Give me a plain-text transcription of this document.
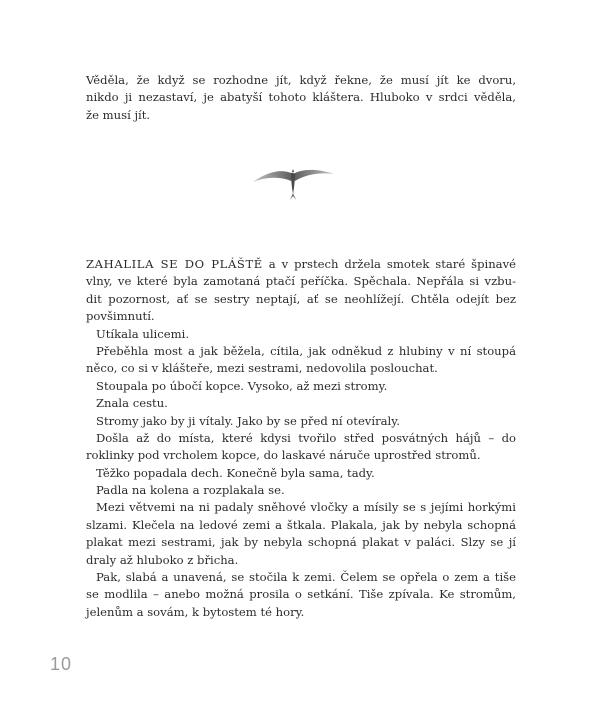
Věděla, že když se rozhodne jít, když řekne, že musí jít ke dvoru,
nikdo ji nezastaví, je abatyší tohoto kláštera. Hluboko v srdci věděla,
že musí jít.
ZAHALILA SE DO PLÁŠTĚ a v prstech držela smotek staré špinavé
vlny, ve které byla zamotaná ptačí peříčka. Spěchala. Nepřála si vzbu-
dit pozornost, ať se sestry neptají, ať se neohlížejí. Chtěla odejít bez
povšimnutí.
Utíkala ulicemi.
Přeběhla most a jak běžela, cítila, jak odněkud z hlubiny v ní stoupá
něco, co si v klášteře, mezi sestrami, nedovolila poslouchat.
Stoupala po úbočí kopce. Vysoko, až mezi stromy.
Znala cestu.
Stromy jako by ji vítaly. Jako by se před ní otevíraly.
Došla až do místa, které kdysi tvořilo střed posvátných hájů – do
roklinky pod vrcholem kopce, do laskavé náruče uprostřed stromů.
Těžko popadala dech. Konečně byla sama, tady.
Padla na kolena a rozplakala se.
Mezi větvemi na ni padaly sněhové vločky a mísily se s jejími horkými
slzami. Klečela na ledové zemi a štkala. Plakala, jak by nebyla schopná
plakat mezi sestrami, jak by nebyla schopná plakat v paláci. Slzy se jí
draly až hluboko z břicha.
Pak, slabá a unavená, se stočila k zemi. Čelem se opřela o zem a tiše
se modlila – anebo možná prosila o setkání. Tiše zpívala. Ke stromům,
jelenům a sovám, k bytostem té hory.
10
